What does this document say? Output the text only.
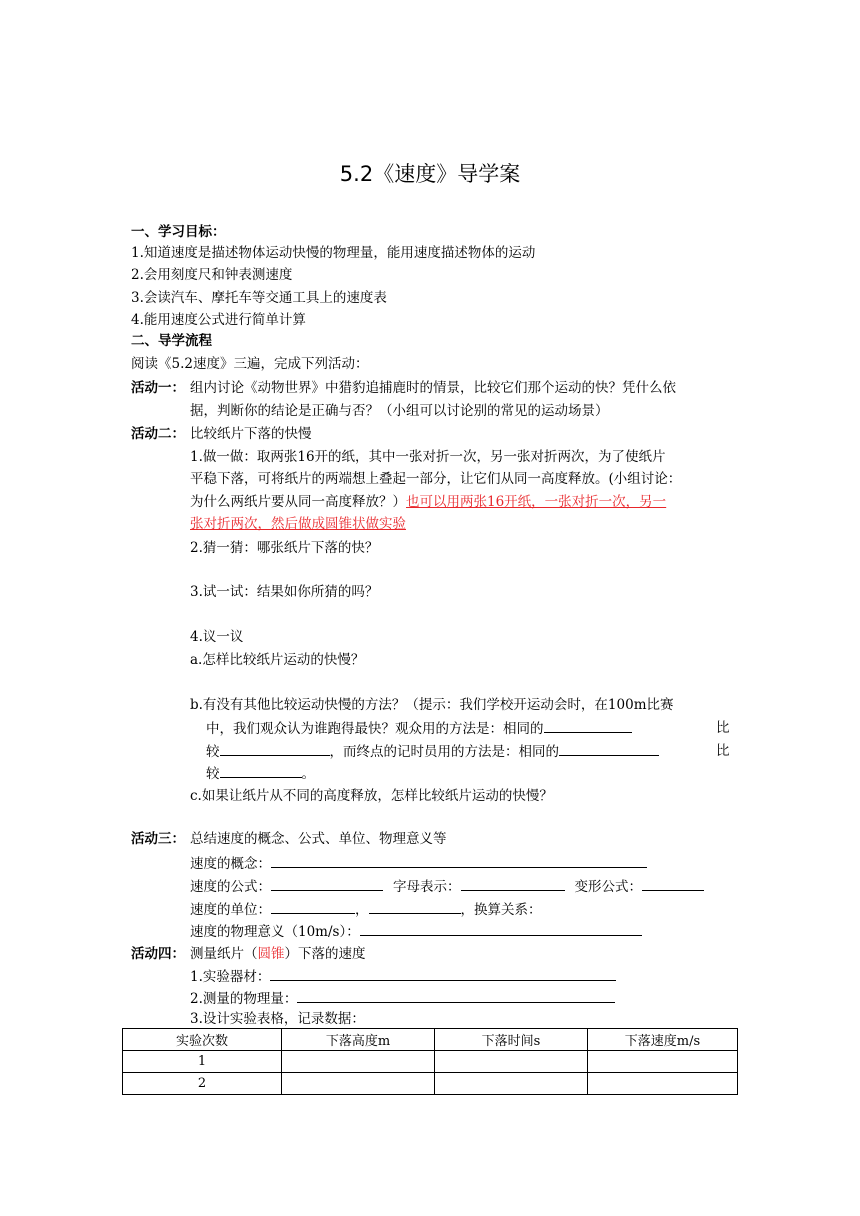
5.2《速度》导学案
一、学习目标：
1.知道速度是描述物体运动快慢的物理量，能用速度描述物体的运动
2.会用刻度尺和钟表测速度
3.会读汽车、摩托车等交通工具上的速度表
4.能用速度公式进行简单计算
二、导学流程
阅读《5.2速度》三遍，完成下列活动：
活动一： 组内讨论《动物世界》中猎豹追捕鹿时的情景，比较它们那个运动的快？凭什么依
据，判断你的结论是正确与否？（小组可以讨论别的常见的运动场景）
活动二： 比较纸片下落的快慢
1.做一做：取两张16开的纸，其中一张对折一次，另一张对折两次，为了使纸片
平稳下落，可将纸片的两端想上叠起一部分，让它们从同一高度释放。(小组讨论：
为什么两纸片要从同一高度释放？）也可以用两张16开纸，一张对折一次，另一
张对折两次，然后做成圆锥状做实验
2.猜一猜：哪张纸片下落的快？
3.试一试：结果如你所猜的吗？
4.议一议
a.怎样比较纸片运动的快慢？
b.有没有其他比较运动快慢的方法？（提示：我们学校开运动会时，在100m比赛
中，我们观众认为谁跑得最快？观众用的方法是：相同的	比
较	，而终点的记时员用的方法是：相同的	比
较	。
c.如果让纸片从不同的高度释放，怎样比较纸片运动的快慢？
活动三： 总结速度的概念、公式、单位、物理意义等
速度的概念：
速度的公式：	字母表示：	变形公式：
速度的单位：	，	，换算关系：
速度的物理意义（10m/s）：
活动四： 测量纸片（圆锥）下落的速度
1.实验器材：
2.测量的物理量：
3.设计实验表格，记录数据：
实验次数	下落高度m	下落时间s	下落速度m/s
1			
2			
